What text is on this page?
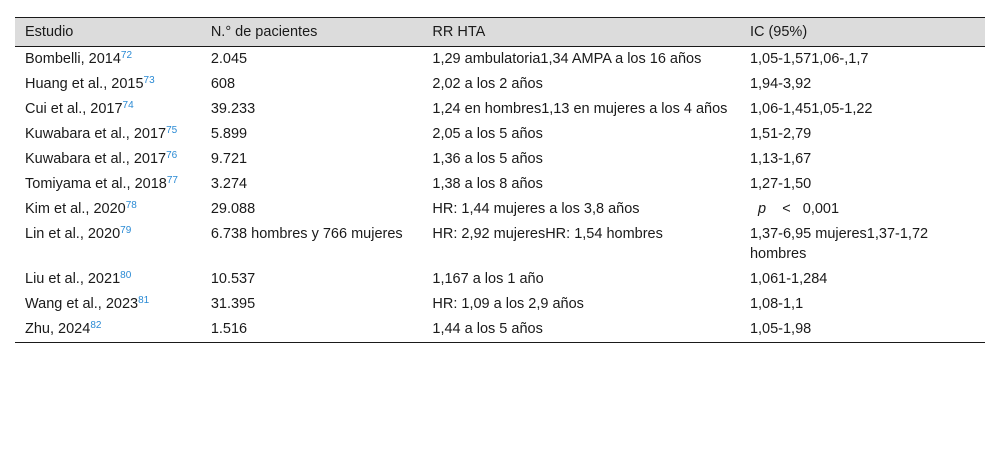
Estudio	N.° de pacientes	RR HTA	IC (95%)
Bombelli, 2014$^{72}$	2.045	1,29 ambulatoria1,34 AMPA a los 16 años	1,05-1,571,06-,1,7
Huang et al., 2015$^{73}$	608	2,02 a los 2 años	1,94-3,92
Cui et al., 2017$^{74}$	39.233	1,24 en hombres1,13 en mujeres a los 4 años	1,06-1,451,05-1,22
Kuwabara et al., 2017$^{75}$	5.899	2,05 a los 5 años	1,51-2,79
Kuwabara et al., 2017$^{76}$	9.721	1,36 a los 5 años	1,13-1,67
Tomiyama et al., 2018$^{77}$	3.274	1,38 a los 8 años	1,27-1,50
Kim et al., 2020$^{78}$	29.088	HR: 1,44 mujeres a los 3,8 años	p <   0,001
Lin et al., 2020$^{79}$	6.738 hombres y 766 mujeres	HR: 2,92 mujeresHR: 1,54 hombres	1,37-6,95 mujeres1,37-1,72 hombres
Liu et al., 2021$^{80}$	10.537	1,167 a los 1 año	1,061-1,284
Wang et al., 2023$^{81}$	31.395	HR: 1,09 a los 2,9 años	1,08-1,1
Zhu, 2024$^{82}$	1.516	1,44 a los 5 años	1,05-1,98
